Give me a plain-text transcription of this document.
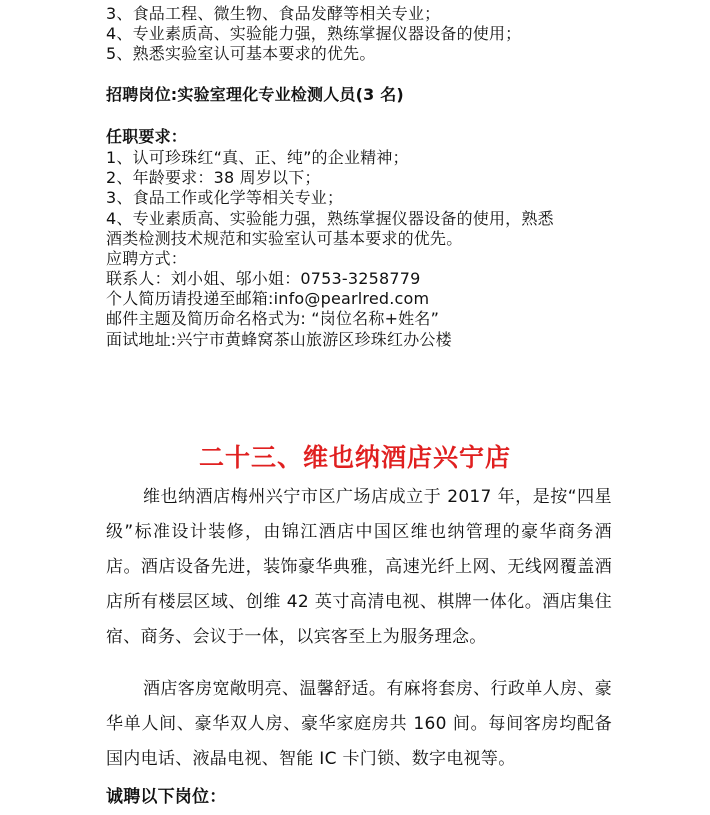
3、食品工程、微生物、食品发酵等相关专业；
4、专业素质高、实验能力强，熟练掌握仪器设备的使用；
5、熟悉实验室认可基本要求的优先。
招聘岗位:实验室理化专业检测人员(3 名)
任职要求：
1、认可珍珠红“真、正、纯”的企业精神；
2、年龄要求：38 周岁以下；
3、食品工作或化学等相关专业；
4、专业素质高、实验能力强，熟练掌握仪器设备的使用，熟悉
酒类检测技术规范和实验室认可基本要求的优先。
应聘方式：
联系人：刘小姐、邬小姐：0753-3258779
个人简历请投递至邮箱:info@pearlred.com
邮件主题及简历命名格式为: “岗位名称+姓名”
面试地址:兴宁市黄蜂窝茶山旅游区珍珠红办公楼
二十三、维也纳酒店兴宁店
维也纳酒店梅州兴宁市区广场店成立于 2017 年，是按“四星级”标准设计装修，由锦江酒店中国区维也纳管理的豪华商务酒店。酒店设备先进，装饰豪华典雅，高速光纤上网、无线网覆盖酒店所有楼层区域、创维 42 英寸高清电视、棋牌一体化。酒店集住宿、商务、会议于一体，以宾客至上为服务理念。
酒店客房宽敞明亮、温馨舒适。有麻将套房、行政单人房、豪华单人间、豪华双人房、豪华家庭房共 160 间。每间客房均配备国内电话、液晶电视、智能 IC 卡门锁、数字电视等。
诚聘以下岗位：
